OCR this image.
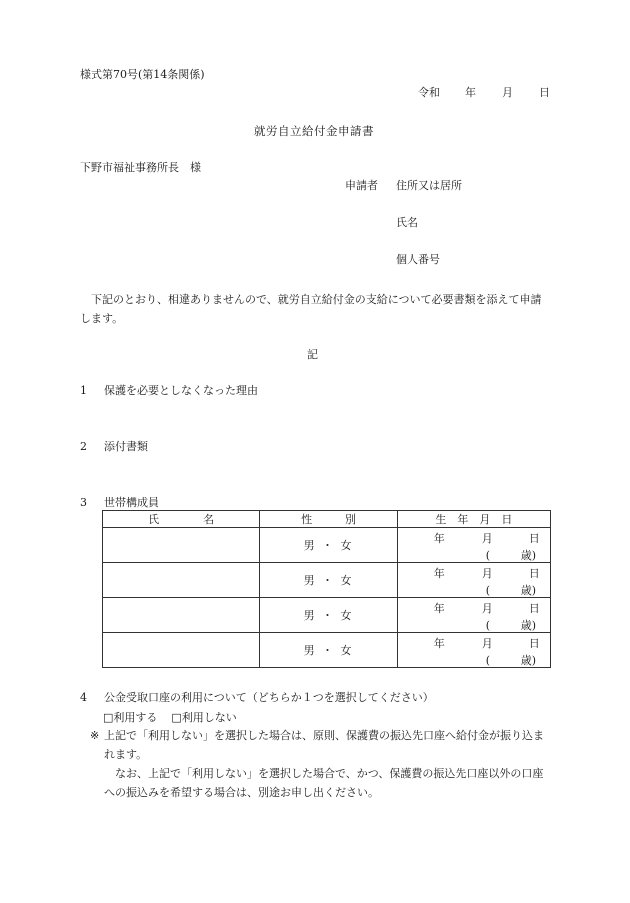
様式第70号(第14条関係)
令和 年 月 日
就労自立給付金申請書
下野市福祉事務所長　様
申請者 住所又は居所
氏名
個人番号
下記のとおり、相違ありませんので、就労自立給付金の支給について必要書類を添えて申請します。
記
1 保護を必要としなくなった理由
2 添付書類
3 世帯構成員
氏　　　　名	性　　　別	生　年　月　日
	男 ・ 女	年 月 日
( 歳)

	男 ・ 女	年 月 日
( 歳)

	男 ・ 女	年 月 日
( 歳)

	男 ・ 女	年 月 日
( 歳)
4 公金受取口座の利用について（どちらか１つを選択してください）
□利用する □利用しない
※ 上記で「利用しない」を選択した場合は、原則、保護費の振込先口座へ給付金が振り込まれます。
なお、上記で「利用しない」を選択した場合で、かつ、保護費の振込先口座以外の口座への振込みを希望する場合は、別途お申し出ください。
